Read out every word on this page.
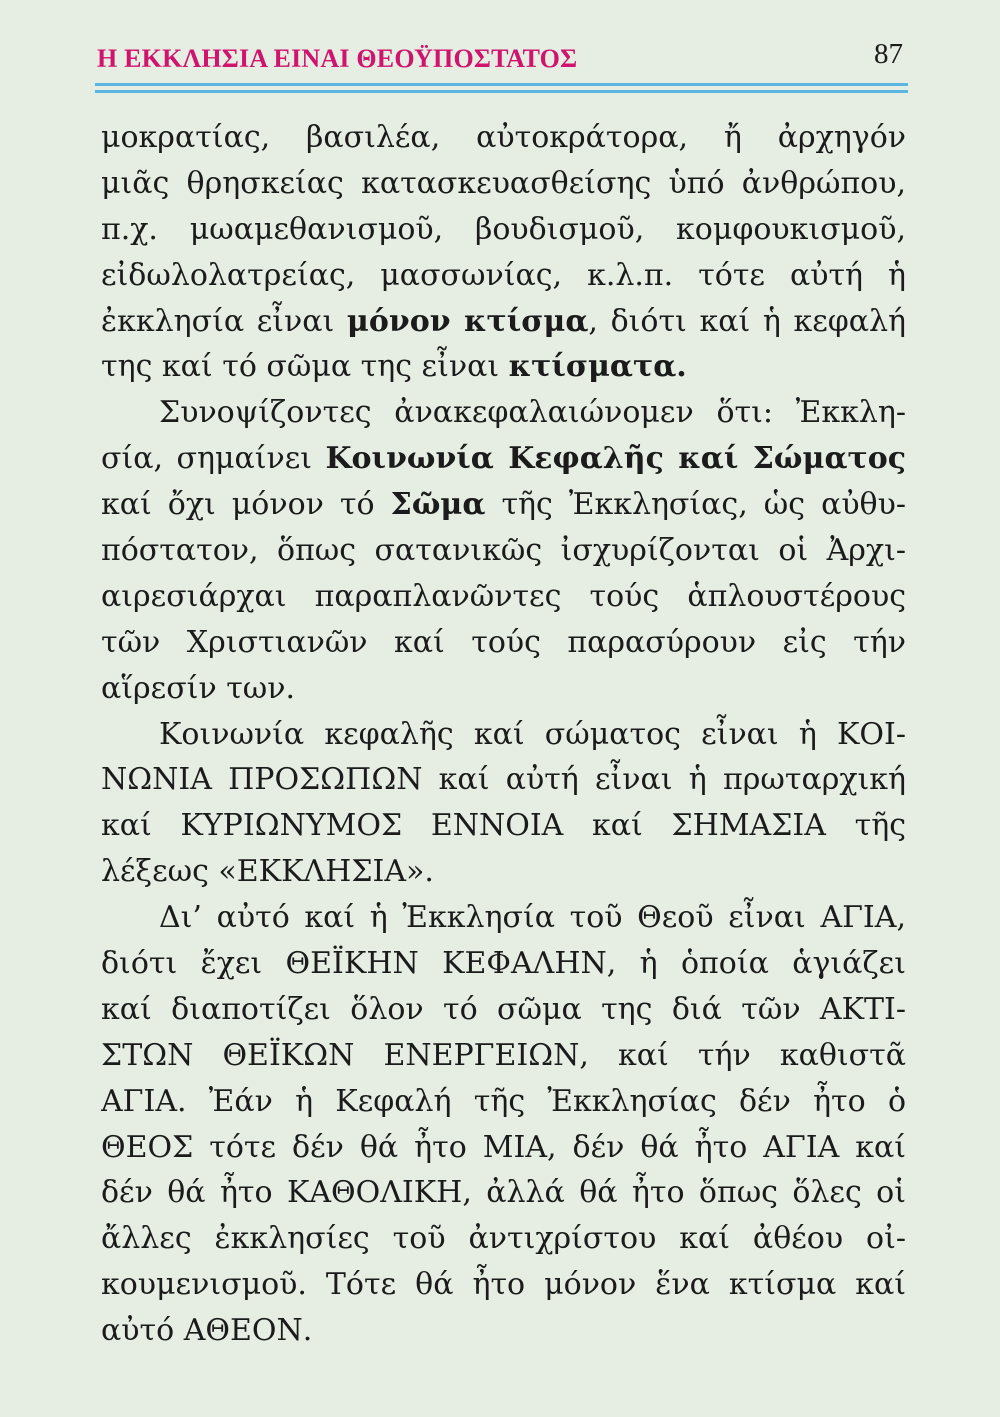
Η ΕΚΚΛΗΣΙΑ ΕΙΝΑΙ ΘΕΟΫΠΟΣΤΑΤΟΣ	87
μοκρατίας, βασιλέα, αὐτοκράτορα, ἤ ἀρχηγόν
μιᾶς θρησκείας κατασκευασθείσης ὑπό ἀνθρώπου,
π.χ. μωαμεθανισμοῦ, βουδισμοῦ, κομφουκισμοῦ,
εἰδωλολατρείας, μασσωνίας, κ.λ.π. τότε αὐτή ἡ
ἐκκλησία εἶναι μόνον κτίσμα, διότι καί ἡ κεφαλή
της καί τό σῶμα της εἶναι κτίσματα.
Συνοψίζοντες ἀνακεφαλαιώνομεν ὅτι: Ἐκκλη-
σία, σημαίνει Κοινωνία Κεφαλῆς καί Σώματος
καί ὄχι μόνον τό Σῶμα τῆς Ἐκκλησίας, ὡς αὐθυ-
πόστατον, ὅπως σατανικῶς ἰσχυρίζονται οἱ Ἀρχι-
αιρεσιάρχαι παραπλανῶντες τούς ἁπλουστέρους
τῶν Χριστιανῶν καί τούς παρασύρουν εἰς τήν
αἵρεσίν των.
Κοινωνία κεφαλῆς καί σώματος εἶναι ἡ ΚΟΙ-
ΝΩΝΙΑ ΠΡΟΣΩΠΩΝ καί αὐτή εἶναι ἡ πρωταρχική
καί ΚΥΡΙΩΝΥΜΟΣ ΕΝΝΟΙΑ καί ΣΗΜΑΣΙΑ τῆς
λέξεως «ΕΚΚΛΗΣΙΑ».
Δι’ αὐτό καί ἡ Ἐκκλησία τοῦ Θεοῦ εἶναι ΑΓΙΑ,
διότι ἔχει ΘΕΪΚΗΝ ΚΕΦΑΛΗΝ, ἡ ὁποία ἁγιάζει
καί διαποτίζει ὅλον τό σῶμα της διά τῶν ΑΚΤΙ-
ΣΤΩΝ ΘΕΪΚΩΝ ΕΝΕΡΓΕΙΩΝ, καί τήν καθιστᾶ
ΑΓΙΑ. Ἐάν ἡ Κεφαλή τῆς Ἐκκλησίας δέν ἦτο ὁ
ΘΕΟΣ τότε δέν θά ἦτο ΜΙΑ, δέν θά ἦτο ΑΓΙΑ καί
δέν θά ἦτο ΚΑΘΟΛΙΚΗ, ἀλλά θά ἦτο ὅπως ὅλες οἱ
ἄλλες ἐκκλησίες τοῦ ἀντιχρίστου καί ἀθέου οἰ-
κουμενισμοῦ. Τότε θά ἦτο μόνον ἕνα κτίσμα καί
αὐτό ΑΘΕΟΝ.
